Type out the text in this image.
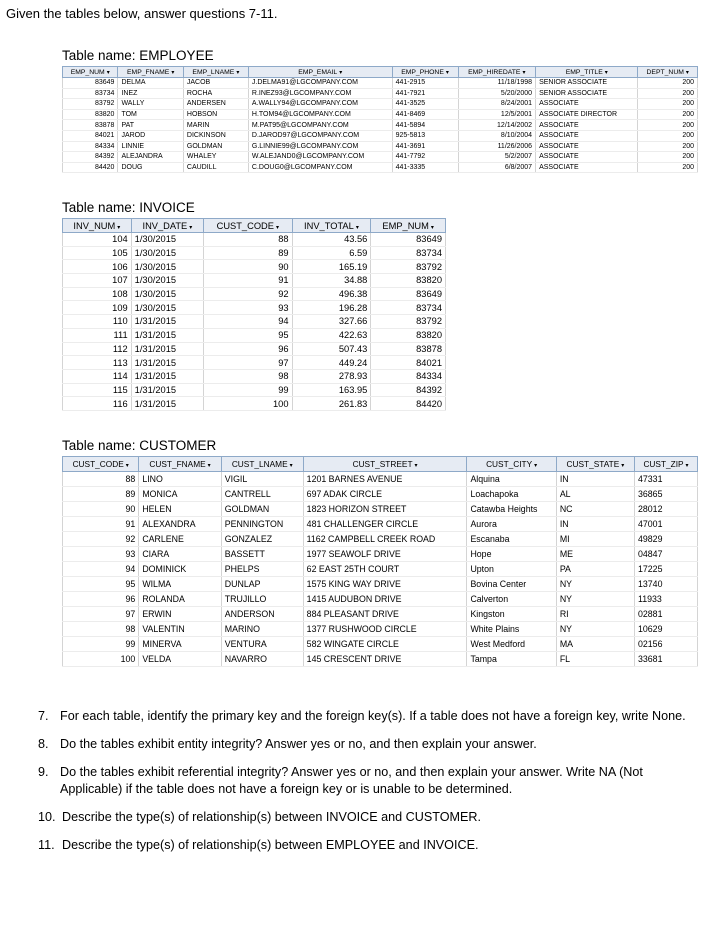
Given the tables below, answer questions 7-11.
Table name: EMPLOYEE
EMP_NUM ▾	EMP_FNAME ▾	EMP_LNAME ▾	EMP_EMAIL ▾	EMP_PHONE ▾	EMP_HIREDATE ▾	EMP_TITLE ▾	DEPT_NUM ▾
83649	DELMA	JACOB	J.DELMA91@LGCOMPANY.COM	441-2915	11/18/1998	SENIOR ASSOCIATE	200
83734	INEZ	ROCHA	R.INEZ93@LGCOMPANY.COM	441-7921	5/20/2000	SENIOR ASSOCIATE	200
83792	WALLY	ANDERSEN	A.WALLY94@LGCOMPANY.COM	441-3525	8/24/2001	ASSOCIATE	200
83820	TOM	HOBSON	H.TOM94@LGCOMPANY.COM	441-8469	12/5/2001	ASSOCIATE DIRECTOR	200
83878	PAT	MARIN	M.PAT95@LGCOMPANY.COM	441-5894	12/14/2002	ASSOCIATE	200
84021	JAROD	DICKINSON	D.JAROD97@LGCOMPANY.COM	925-5813	8/10/2004	ASSOCIATE	200
84334	LINNIE	GOLDMAN	G.LINNIE99@LGCOMPANY.COM	441-3691	11/26/2006	ASSOCIATE	200
84392	ALEJANDRA	WHALEY	W.ALEJAND0@LGCOMPANY.COM	441-7792	5/2/2007	ASSOCIATE	200
84420	DOUG	CAUDILL	C.DOUG0@LGCOMPANY.COM	441-3335	6/8/2007	ASSOCIATE	200
Table name: INVOICE
INV_NUM ▾	INV_DATE ▾	CUST_CODE ▾	INV_TOTAL ▾	EMP_NUM ▾
104	1/30/2015	88	43.56	83649
105	1/30/2015	89	6.59	83734
106	1/30/2015	90	165.19	83792
107	1/30/2015	91	34.88	83820
108	1/30/2015	92	496.38	83649
109	1/30/2015	93	196.28	83734
110	1/31/2015	94	327.66	83792
111	1/31/2015	95	422.63	83820
112	1/31/2015	96	507.43	83878
113	1/31/2015	97	449.24	84021
114	1/31/2015	98	278.93	84334
115	1/31/2015	99	163.95	84392
116	1/31/2015	100	261.83	84420
Table name: CUSTOMER
CUST_CODE ▾	CUST_FNAME ▾	CUST_LNAME ▾	CUST_STREET ▾	CUST_CITY ▾	CUST_STATE ▾	CUST_ZIP ▾
88	LINO	VIGIL	1201 BARNES AVENUE	Alquina	IN	47331
89	MONICA	CANTRELL	697 ADAK CIRCLE	Loachapoka	AL	36865
90	HELEN	GOLDMAN	1823 HORIZON STREET	Catawba Heights	NC	28012
91	ALEXANDRA	PENNINGTON	481 CHALLENGER CIRCLE	Aurora	IN	47001
92	CARLENE	GONZALEZ	1162 CAMPBELL CREEK ROAD	Escanaba	MI	49829
93	CIARA	BASSETT	1977 SEAWOLF DRIVE	Hope	ME	04847
94	DOMINICK	PHELPS	62 EAST 25TH COURT	Upton	PA	17225
95	WILMA	DUNLAP	1575 KING WAY DRIVE	Bovina Center	NY	13740
96	ROLANDA	TRUJILLO	1415 AUDUBON DRIVE	Calverton	NY	11933
97	ERWIN	ANDERSON	884 PLEASANT DRIVE	Kingston	RI	02881
98	VALENTIN	MARINO	1377 RUSHWOOD CIRCLE	White Plains	NY	10629
99	MINERVA	VENTURA	582 WINGATE CIRCLE	West Medford	MA	02156
100	VELDA	NAVARRO	145 CRESCENT DRIVE	Tampa	FL	33681
7. For each table, identify the primary key and the foreign key(s). If a table does not have a foreign key, write None.
8. Do the tables exhibit entity integrity? Answer yes or no, and then explain your answer.
9. Do the tables exhibit referential integrity? Answer yes or no, and then explain your answer. Write NA (Not Applicable) if the table does not have a foreign key or is unable to be determined.
10. Describe the type(s) of relationship(s) between INVOICE and CUSTOMER.
11. Describe the type(s) of relationship(s) between EMPLOYEE and INVOICE.
